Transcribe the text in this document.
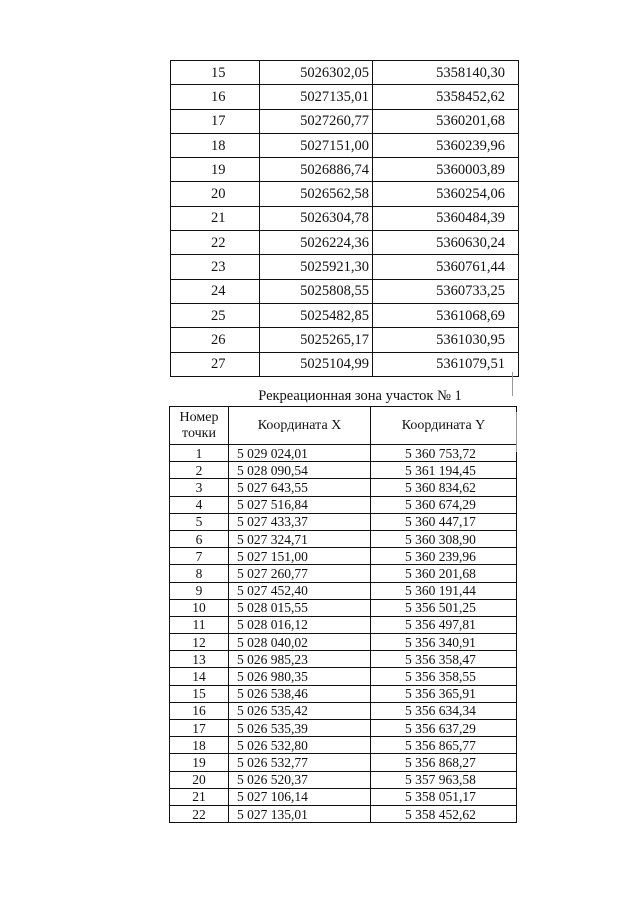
15	5026302,05	5358140,30
16	5027135,01	5358452,62
17	5027260,77	5360201,68
18	5027151,00	5360239,96
19	5026886,74	5360003,89
20	5026562,58	5360254,06
21	5026304,78	5360484,39
22	5026224,36	5360630,24
23	5025921,30	5360761,44
24	5025808,55	5360733,25
25	5025482,85	5361068,69
26	5025265,17	5361030,95
27	5025104,99	5361079,51
Рекреационная зона участок № 1
Номер
точки	Координата X	Координата Y
1	5 029 024,01	5 360 753,72
2	5 028 090,54	5 361 194,45
3	5 027 643,55	5 360 834,62
4	5 027 516,84	5 360 674,29
5	5 027 433,37	5 360 447,17
6	5 027 324,71	5 360 308,90
7	5 027 151,00	5 360 239,96
8	5 027 260,77	5 360 201,68
9	5 027 452,40	5 360 191,44
10	5 028 015,55	5 356 501,25
11	5 028 016,12	5 356 497,81
12	5 028 040,02	5 356 340,91
13	5 026 985,23	5 356 358,47
14	5 026 980,35	5 356 358,55
15	5 026 538,46	5 356 365,91
16	5 026 535,42	5 356 634,34
17	5 026 535,39	5 356 637,29
18	5 026 532,80	5 356 865,77
19	5 026 532,77	5 356 868,27
20	5 026 520,37	5 357 963,58
21	5 027 106,14	5 358 051,17
22	5 027 135,01	5 358 452,62
